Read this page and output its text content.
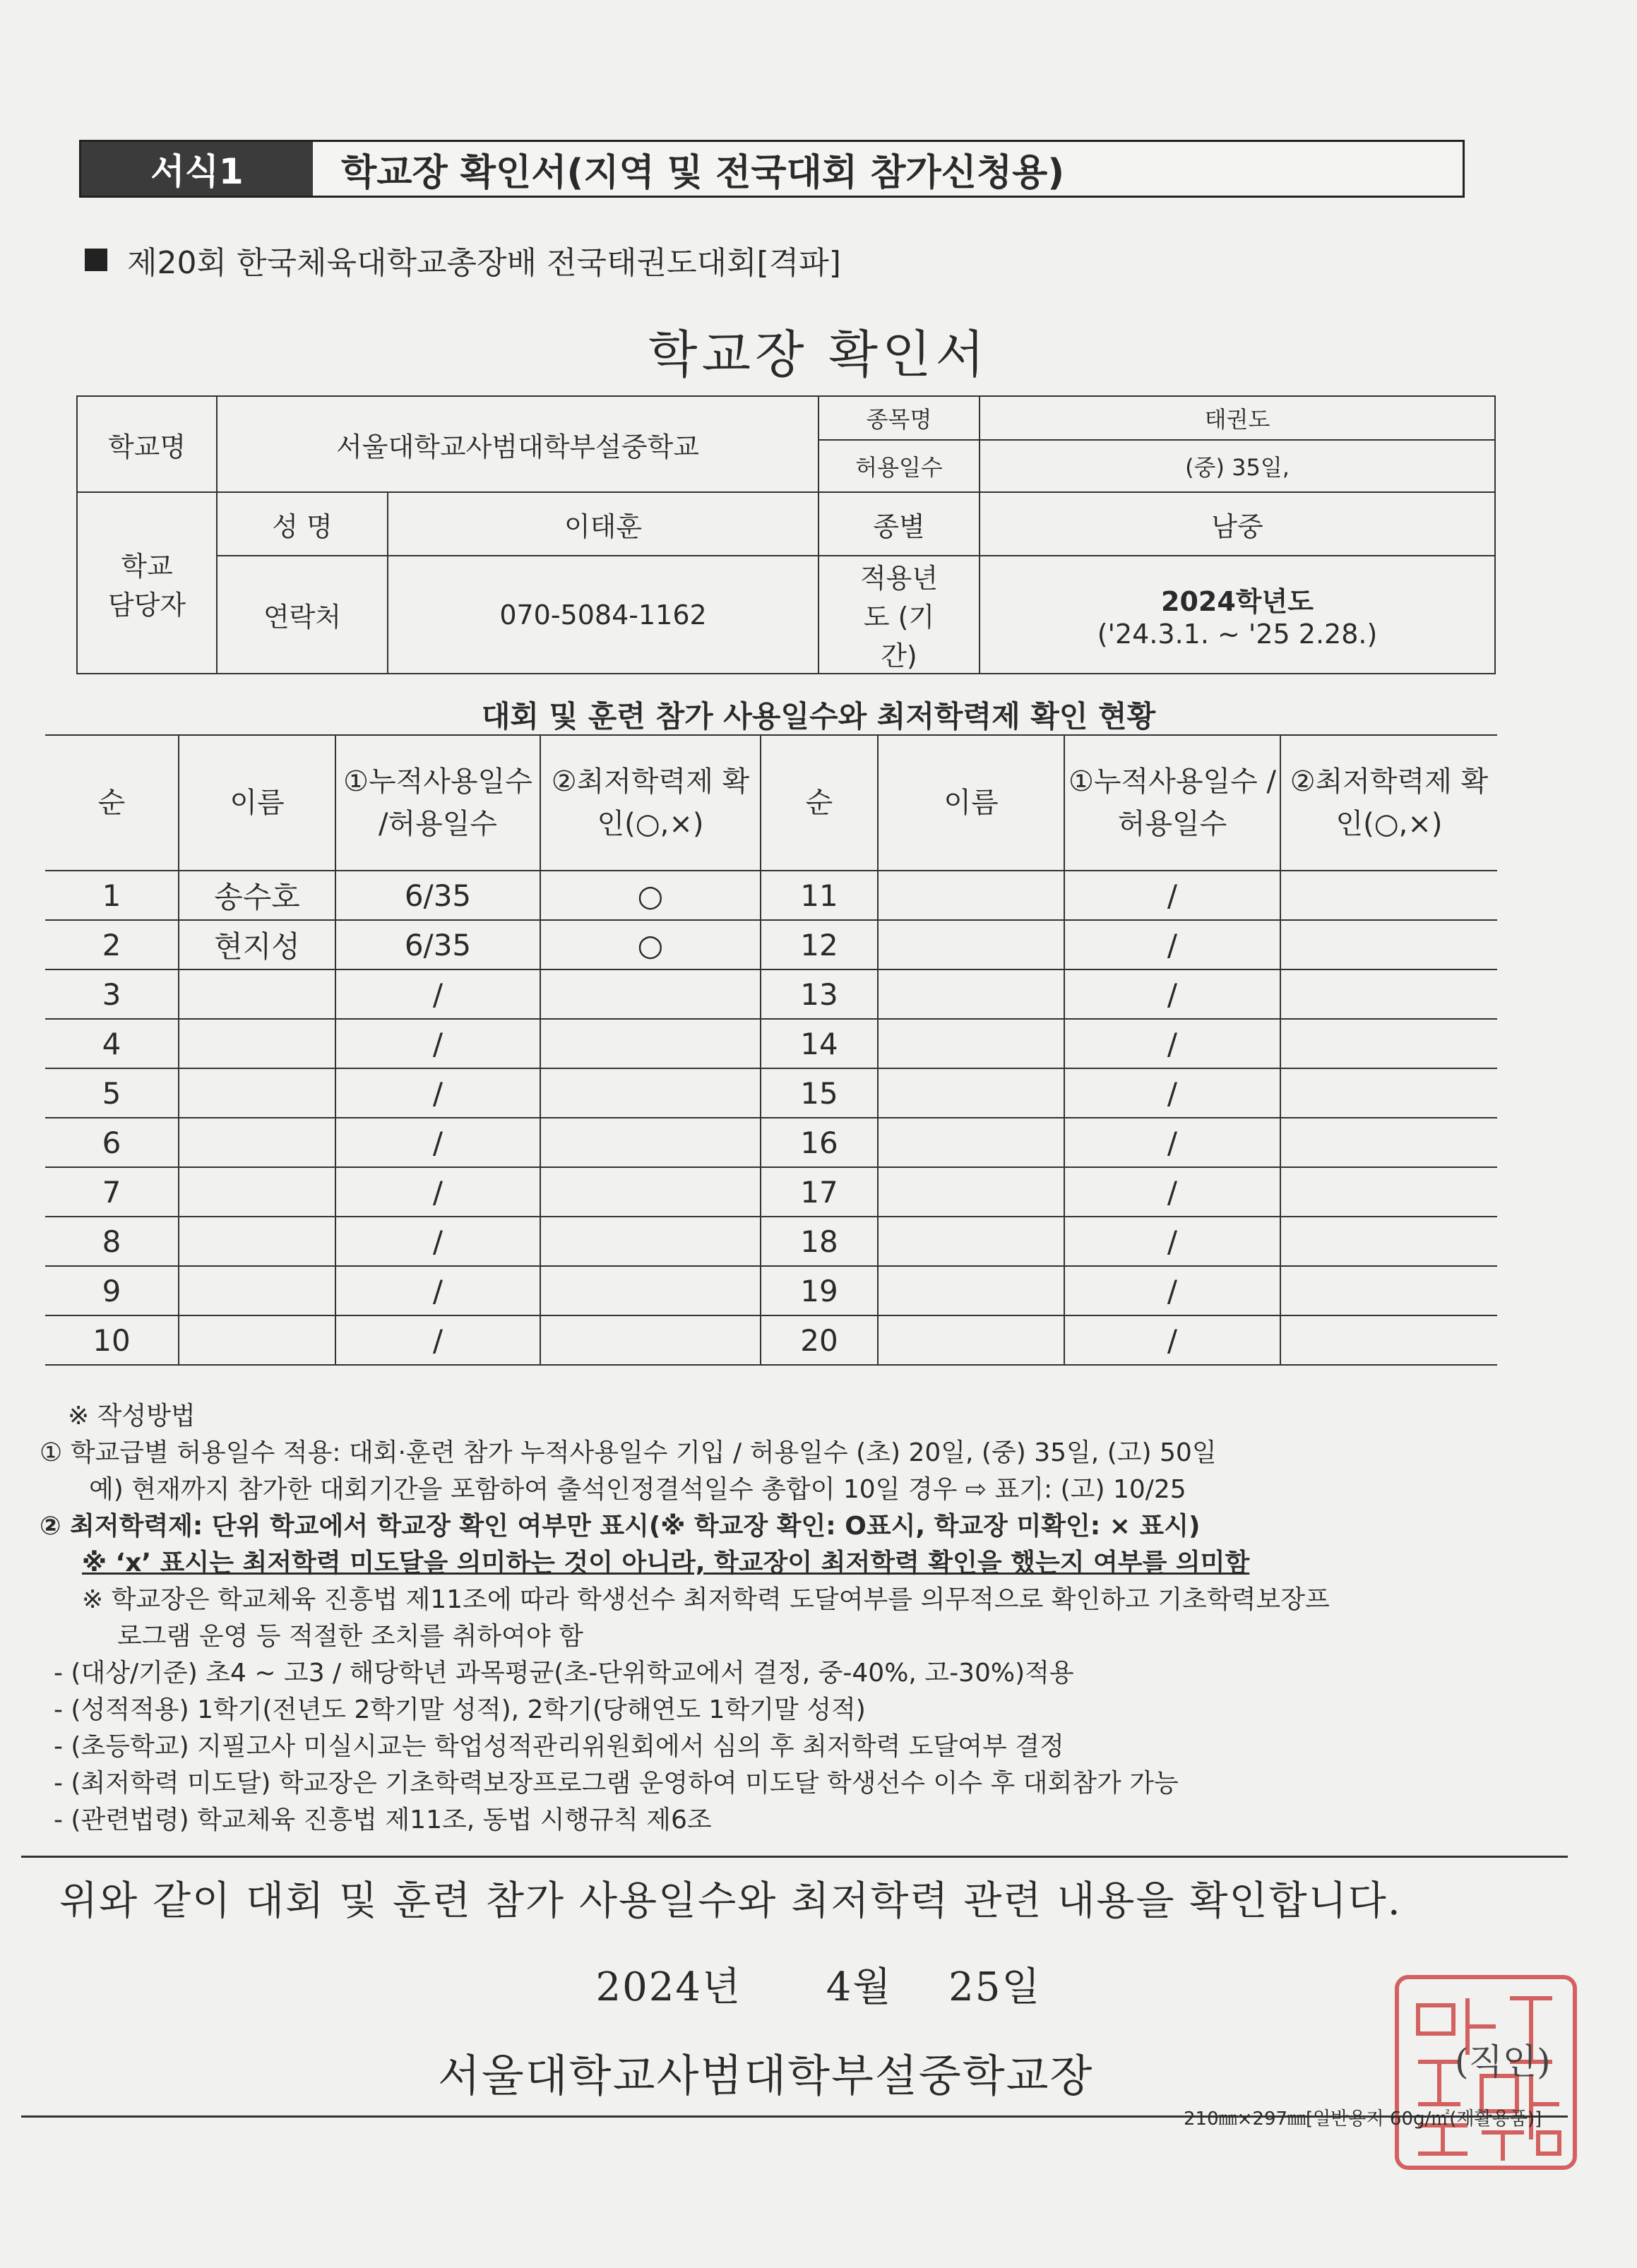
서식1	학교장 확인서(지역 및 전국대회 참가신청용)
제20회 한국체육대학교총장배 전국태권도대회[격파]
학교장 확인서
학교명	서울대학교사범대학부설중학교		종목명	태권도
			허용일수	(중) 35일,
학교 담당자	성 명	이태훈	종별	남중
	연락처	070-5084-1162	적용년도 (기간)	2024학년도
('24.3.1. ~ '25 2.28.)
대회 및 훈련 참가 사용일수와 최저학력제 확인 현황
순	이름	①누적사용일수 /허용일수	②최저학력제 확인(○,×)	순	이름	①누적사용일수 /허용일수	②최저학력제 확인(○,×)
1	송수호	6/35	○	11		/	
2	현지성	6/35	○	12		/	
3		/		13		/	
4		/		14		/	
5		/		15		/	
6		/		16		/	
7		/		17		/	
8		/		18		/	
9		/		19		/	
10		/		20		/	
※ 작성방법
① 학교급별 허용일수 적용: 대회·훈련 참가 누적사용일수 기입 / 허용일수 (초) 20일, (중) 35일, (고) 50일
예) 현재까지 참가한 대회기간을 포함하여 출석인정결석일수 총합이 10일 경우 ⇨ 표기: (고) 10/25
② 최저학력제: 단위 학교에서 학교장 확인 여부만 표시(※ 학교장 확인: O표시, 학교장 미확인: × 표시)
※ ‘x’ 표시는 최저학력 미도달을 의미하는 것이 아니라, 학교장이 최저학력 확인을 했는지 여부를 의미함
※ 학교장은 학교체육 진흥법 제11조에 따라 학생선수 최저학력 도달여부를 의무적으로 확인하고 기초학력보장프
로그램 운영 등 적절한 조치를 취하여야 함
- (대상/기준) 초4 ~ 고3 / 해당학년 과목평균(초-단위학교에서 결정, 중-40%, 고-30%)적용
- (성적적용) 1학기(전년도 2학기말 성적), 2학기(당해연도 1학기말 성적)
- (초등학교) 지필고사 미실시교는 학업성적관리위원회에서 심의 후 최저학력 도달여부 결정
- (최저학력 미도달) 학교장은 기초학력보장프로그램 운영하여 미도달 학생선수 이수 후 대회참가 가능
- (관련법령) 학교체육 진흥법 제11조, 동법 시행규칙 제6조
위와 같이 대회 및 훈련 참가 사용일수와 최저학력 관련 내용을 확인합니다.
2024년 4월 25일
서울대학교사범대학부설중학교장	(직인)
210㎜×297㎜[일반용지 60g/㎡(재활용품)]
